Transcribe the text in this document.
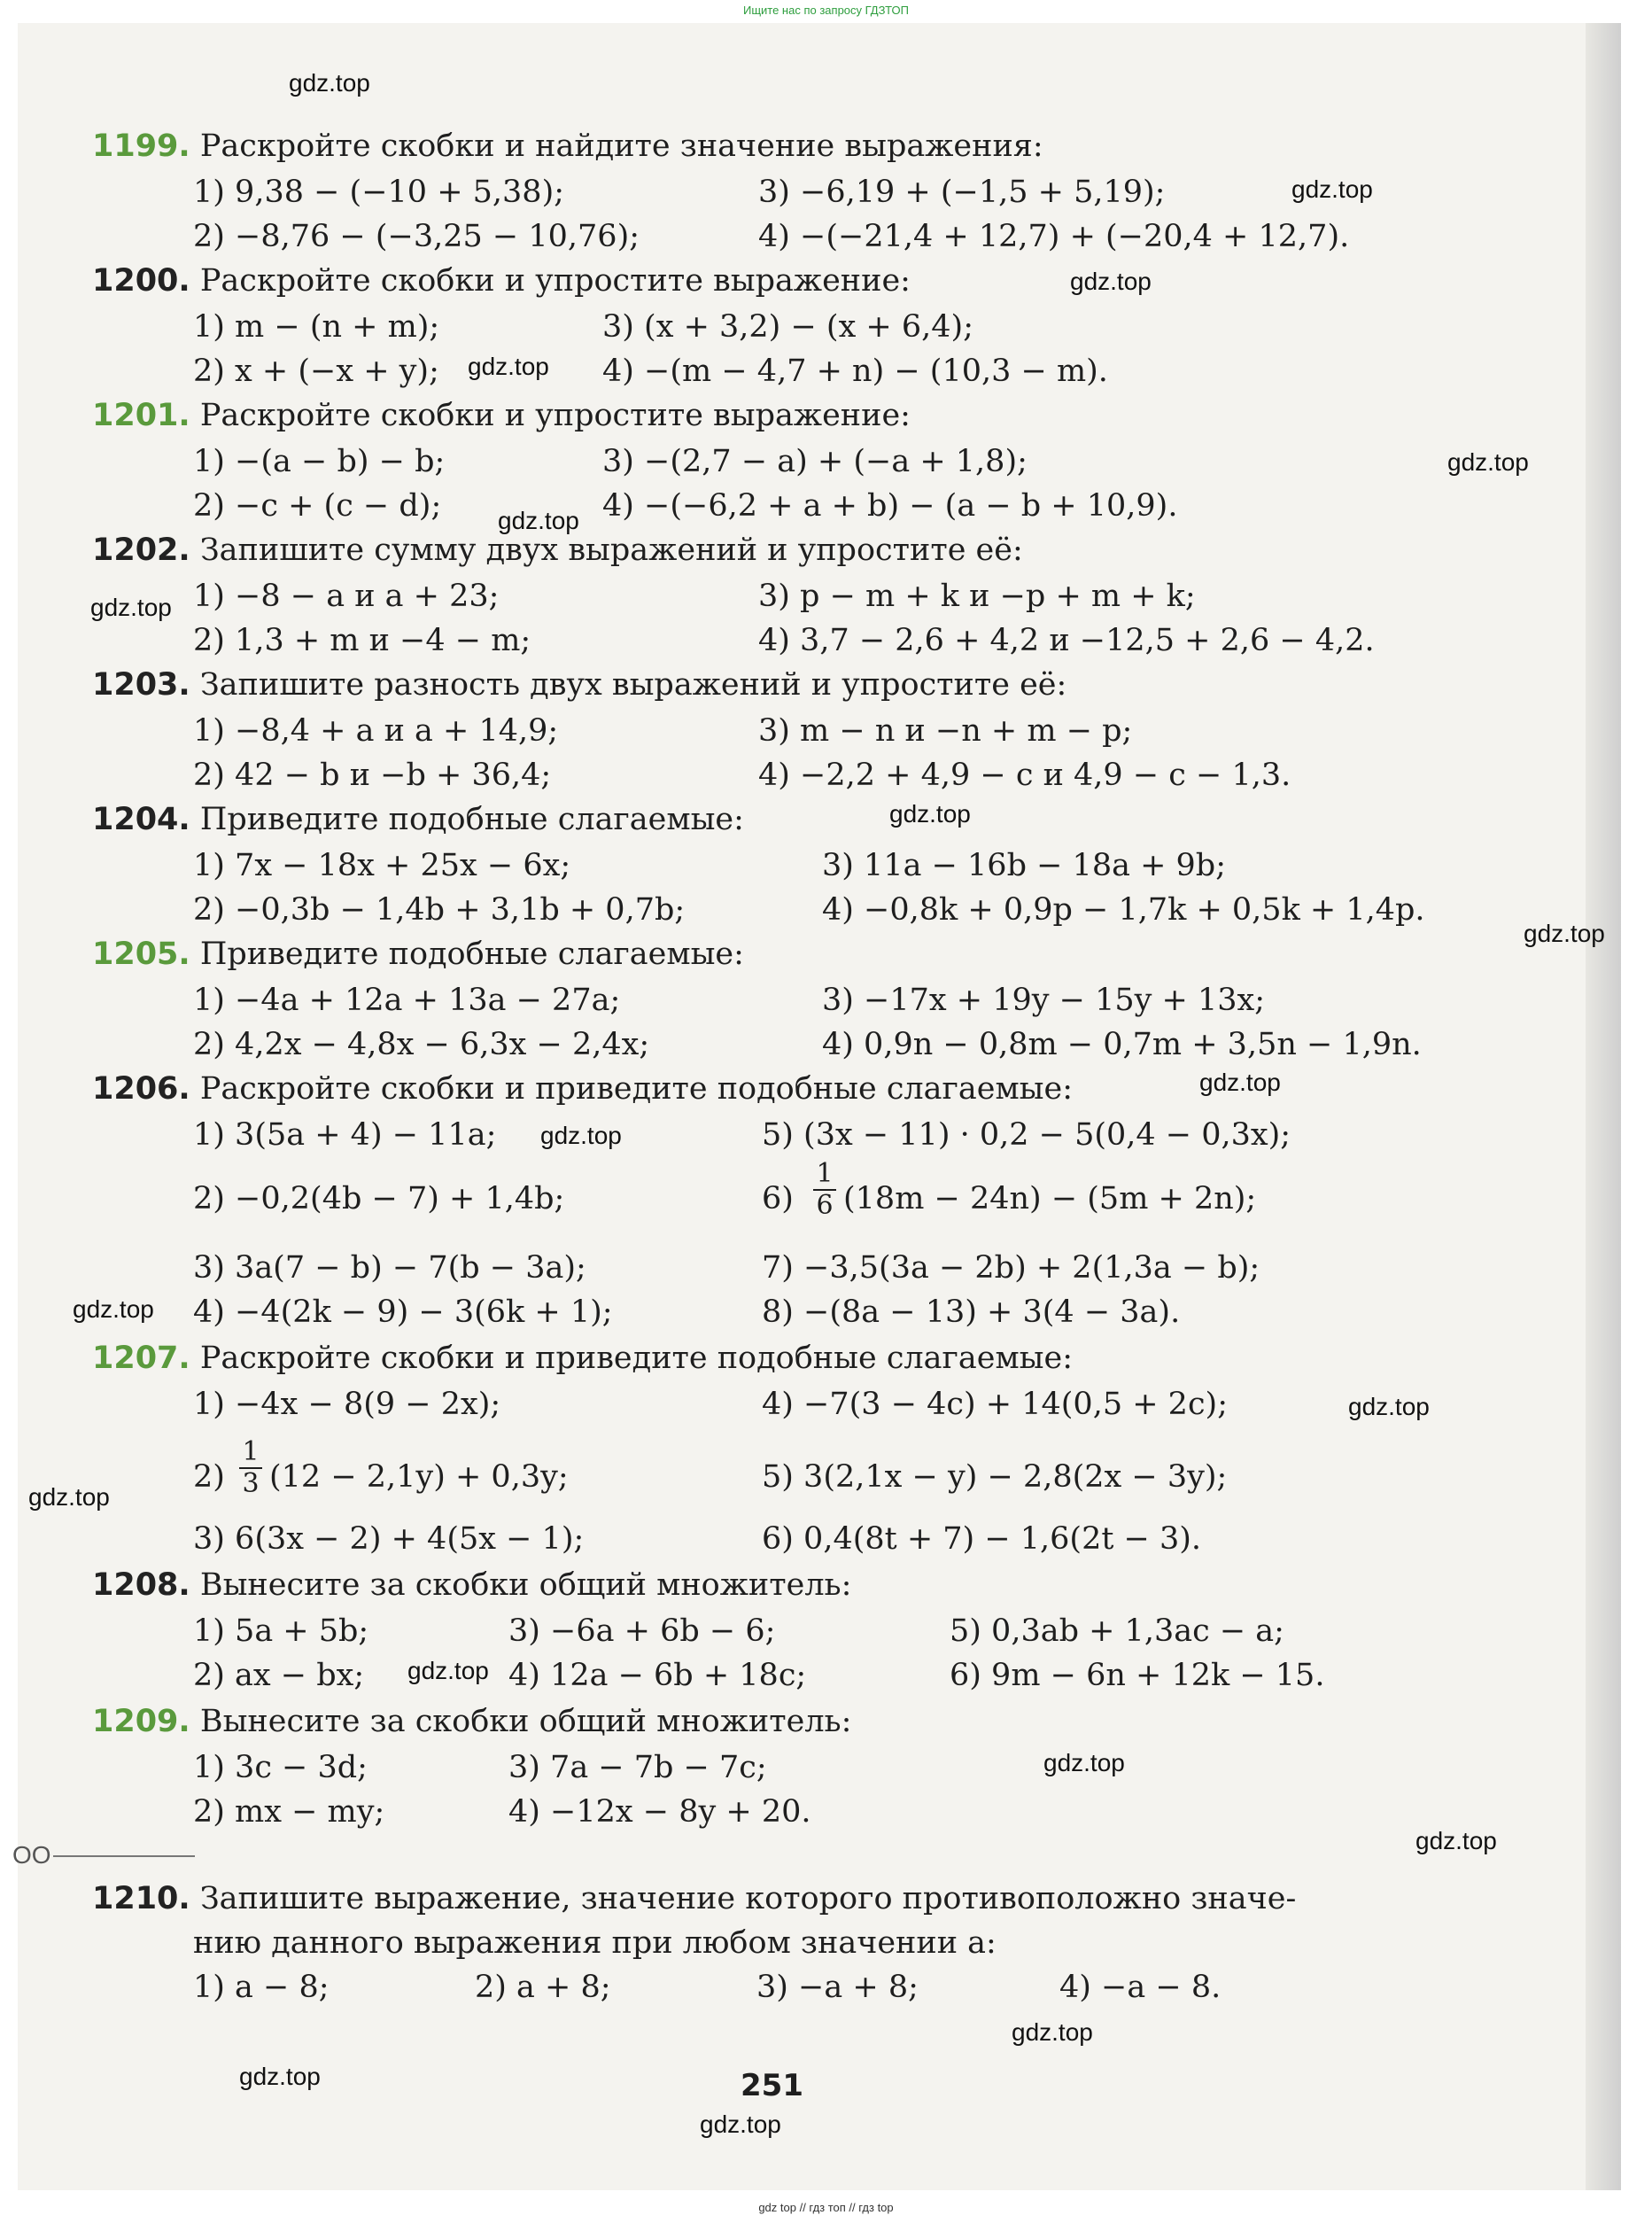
Ищите нас по запросу ГДЗТОП
gdz.top
gdz.top
gdz.top
gdz.top
gdz.top
gdz.top
gdz.top
gdz.top
gdz.top
gdz.top
gdz.top
gdz.top
gdz.top
gdz.top
gdz.top
gdz.top
gdz.top
gdz.top
gdz.top
gdz.top
1199. Раскройте скобки и найдите значение выражения:
1) 9,38 − (−10 + 5,38);	3) −6,19 + (−1,5 + 5,19);
2) −8,76 − (−3,25 − 10,76);	4) −(−21,4 + 12,7) + (−20,4 + 12,7).
1200. Раскройте скобки и упростите выражение:
1) m − (n + m);	3) (x + 3,2) − (x + 6,4);
2) x + (−x + y);	4) −(m − 4,7 + n) − (10,3 − m).
1201. Раскройте скобки и упростите выражение:
1) −(a − b) − b;	3) −(2,7 − a) + (−a + 1,8);
2) −c + (c − d);	4) −(−6,2 + a + b) − (a − b + 10,9).
1202. Запишите сумму двух выражений и упростите её:
1) −8 − a и a + 23;	3) p − m + k и −p + m + k;
2) 1,3 + m и −4 − m;	4) 3,7 − 2,6 + 4,2 и −12,5 + 2,6 − 4,2.
1203. Запишите разность двух выражений и упростите её:
1) −8,4 + a и a + 14,9;	3) m − n и −n + m − p;
2) 42 − b и −b + 36,4;	4) −2,2 + 4,9 − c и 4,9 − c − 1,3.
1204. Приведите подобные слагаемые:
1) 7x − 18x + 25x − 6x;	3) 11a − 16b − 18a + 9b;
2) −0,3b − 1,4b + 3,1b + 0,7b;	4) −0,8k + 0,9p − 1,7k + 0,5k + 1,4p.
1205. Приведите подобные слагаемые:
1) −4a + 12a + 13a − 27a;	3) −17x + 19y − 15y + 13x;
2) 4,2x − 4,8x − 6,3x − 2,4x;	4) 0,9n − 0,8m − 0,7m + 3,5n − 1,9n.
1206. Раскройте скобки и приведите подобные слагаемые:
1) 3(5a + 4) − 11a;	5) (3x − 11) · 0,2 − 5(0,4 − 0,3x);
2) −0,2(4b − 7) + 1,4b;	$6) \frac{1}{6} (18m - 24n) - (5m + 2n)$;
3) 3a(7 − b) − 7(b − 3a);	7) −3,5(3a − 2b) + 2(1,3a − b);
4) −4(2k − 9) − 3(6k + 1);	8) −(8a − 13) + 3(4 − 3a).
1207. Раскройте скобки и приведите подобные слагаемые:
1) −4x − 8(9 − 2x);	4) −7(3 − 4c) + 14(0,5 + 2c);
$2) \frac{1}{3} (12 - 2,1y) + 0,3y$;	5) 3(2,1x − y) − 2,8(2x − 3y);
3) 6(3x − 2) + 4(5x − 1);	6) 0,4(8t + 7) − 1,6(2t − 3).
1208. Вынесите за скобки общий множитель:
1) 5a + 5b;	3) −6a + 6b − 6;	5) 0,3ab + 1,3ac − a;
2) ax − bx;	4) 12a − 6b + 18c;	6) 9m − 6n + 12k − 15.
1209. Вынесите за скобки общий множитель:
1) 3c − 3d;	3) 7a − 7b − 7c;
2) mx − my;	4) −12x − 8y + 20.
OO
1210. Запишите выражение, значение которого противоположно значе-
нию данного выражения при любом значении a:
1) a − 8;	2) a + 8;	3) −a + 8;	4) −a − 8.
251
gdz top // гдз топ // гдз top
